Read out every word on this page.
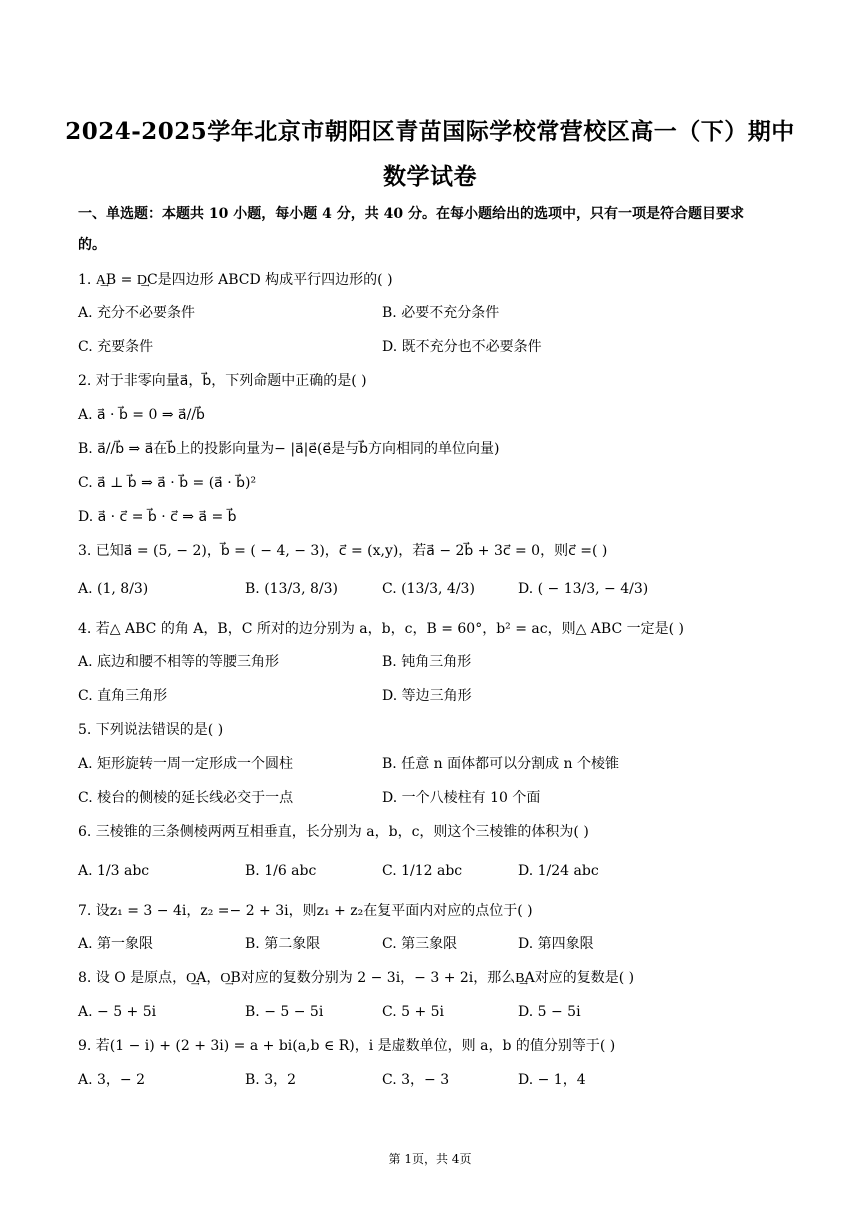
2024-2025学年北京市朝阳区青苗国际学校常营校区高一（下）期中
数学试卷
一、单选题：本题共 10 小题，每小题 4 分，共 40 分。在每小题给出的选项中，只有一项是符合题目要求
的。
1. A͢B = D͢C是四边形 ABCD 构成平行四边形的( )
A. 充分不必要条件	B. 必要不充分条件
C. 充要条件	D. 既不充分也不必要条件
2. 对于非零向量a⃗，b⃗，下列命题中正确的是( )
A. a⃗ · b⃗ = 0 ⇒ a⃗//b⃗
B. a⃗//b⃗ ⇒ a⃗在b⃗上的投影向量为− |a⃗|e⃗(e⃗是与b⃗方向相同的单位向量)
C. a⃗ ⊥ b⃗ ⇒ a⃗ · b⃗ = (a⃗ · b⃗)²
D. a⃗ · c⃗ = b⃗ · c⃗ ⇒ a⃗ = b⃗
3. 已知a⃗ = (5, − 2)，b⃗ = ( − 4, − 3)，c⃗ = (x,y)，若a⃗ − 2b⃗ + 3c⃗ = 0，则c⃗ =( )
A. (1, 8/3)	B. (13/3, 8/3)	C. (13/3, 4/3)	D. ( − 13/3, − 4/3)
4. 若△ ABC 的角 A，B，C 所对的边分别为 a，b，c，B = 60°，b² = ac，则△ ABC 一定是( )
A. 底边和腰不相等的等腰三角形	B. 钝角三角形
C. 直角三角形	D. 等边三角形
5. 下列说法错误的是( )
A. 矩形旋转一周一定形成一个圆柱	B. 任意 n 面体都可以分割成 n 个棱锥
C. 棱台的侧棱的延长线必交于一点	D. 一个八棱柱有 10 个面
6. 三棱锥的三条侧棱两两互相垂直，长分别为 a，b，c，则这个三棱锥的体积为( )
A. 1/3 abc	B. 1/6 abc	C. 1/12 abc	D. 1/24 abc
7. 设z₁ = 3 − 4i，z₂ =− 2 + 3i，则z₁ + z₂在复平面内对应的点位于( )
A. 第一象限	B. 第二象限	C. 第三象限	D. 第四象限
8. 设 O 是原点，O͢A，O͢B对应的复数分别为 2 − 3i，− 3 + 2i，那么B͢A对应的复数是( )
A. − 5 + 5i	B. − 5 − 5i	C. 5 + 5i	D. 5 − 5i
9. 若(1 − i) + (2 + 3i) = a + bi(a,b ∈ R)，i 是虚数单位，则 a，b 的值分别等于( )
A. 3，− 2	B. 3，2	C. 3，− 3	D. − 1，4
第 1页，共 4页
